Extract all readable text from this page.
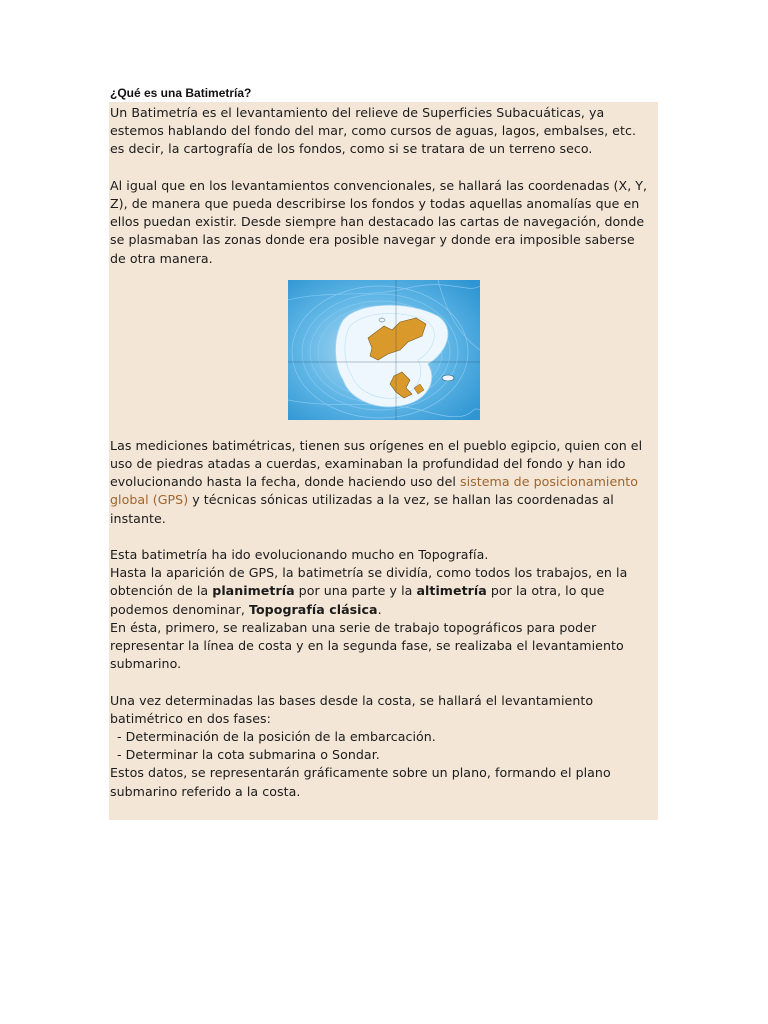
¿Qué es una Batimetría?

Un Batimetría es el levantamiento del relieve de Superficies Subacuáticas, ya estemos hablando del fondo del mar, como cursos de aguas, lagos, embalses, etc. es decir, la cartografía de los fondos, como si se tratara de un terreno seco.

Al igual que en los levantamientos convencionales, se hallará las coordenadas (X, Y, Z), de manera que pueda describirse los fondos y todas aquellas anomalías que en ellos puedan existir. Desde siempre han destacado las cartas de navegación, donde se plasmaban las zonas donde era posible navegar y donde era imposible saberse de otra manera.

Las mediciones batimétricas, tienen sus orígenes en el pueblo egipcio, quien con el uso de piedras atadas a cuerdas, examinaban la profundidad del fondo y han ido evolucionando hasta la fecha, donde haciendo uso del sistema de posicionamiento global (GPS) y técnicas sónicas utilizadas a la vez, se hallan las coordenadas al instante.

Esta batimetría ha ido evolucionando mucho en Topografía.

Hasta la aparición de GPS, la batimetría se dividía, como todos los trabajos, en la obtención de la planimetría por una parte y la altimetría por la otra, lo que podemos denominar, Topografía clásica.

En ésta, primero, se realizaban una serie de trabajo topográficos para poder representar la línea de costa y en la segunda fase, se realizaba el levantamiento submarino.

Una vez determinadas las bases desde la costa, se hallará el levantamiento batimétrico en dos fases:

- Determinación de la posición de la embarcación.

- Determinar la cota submarina o Sondar.

Estos datos, se representarán gráficamente sobre un plano, formando el plano submarino referido a la costa.
